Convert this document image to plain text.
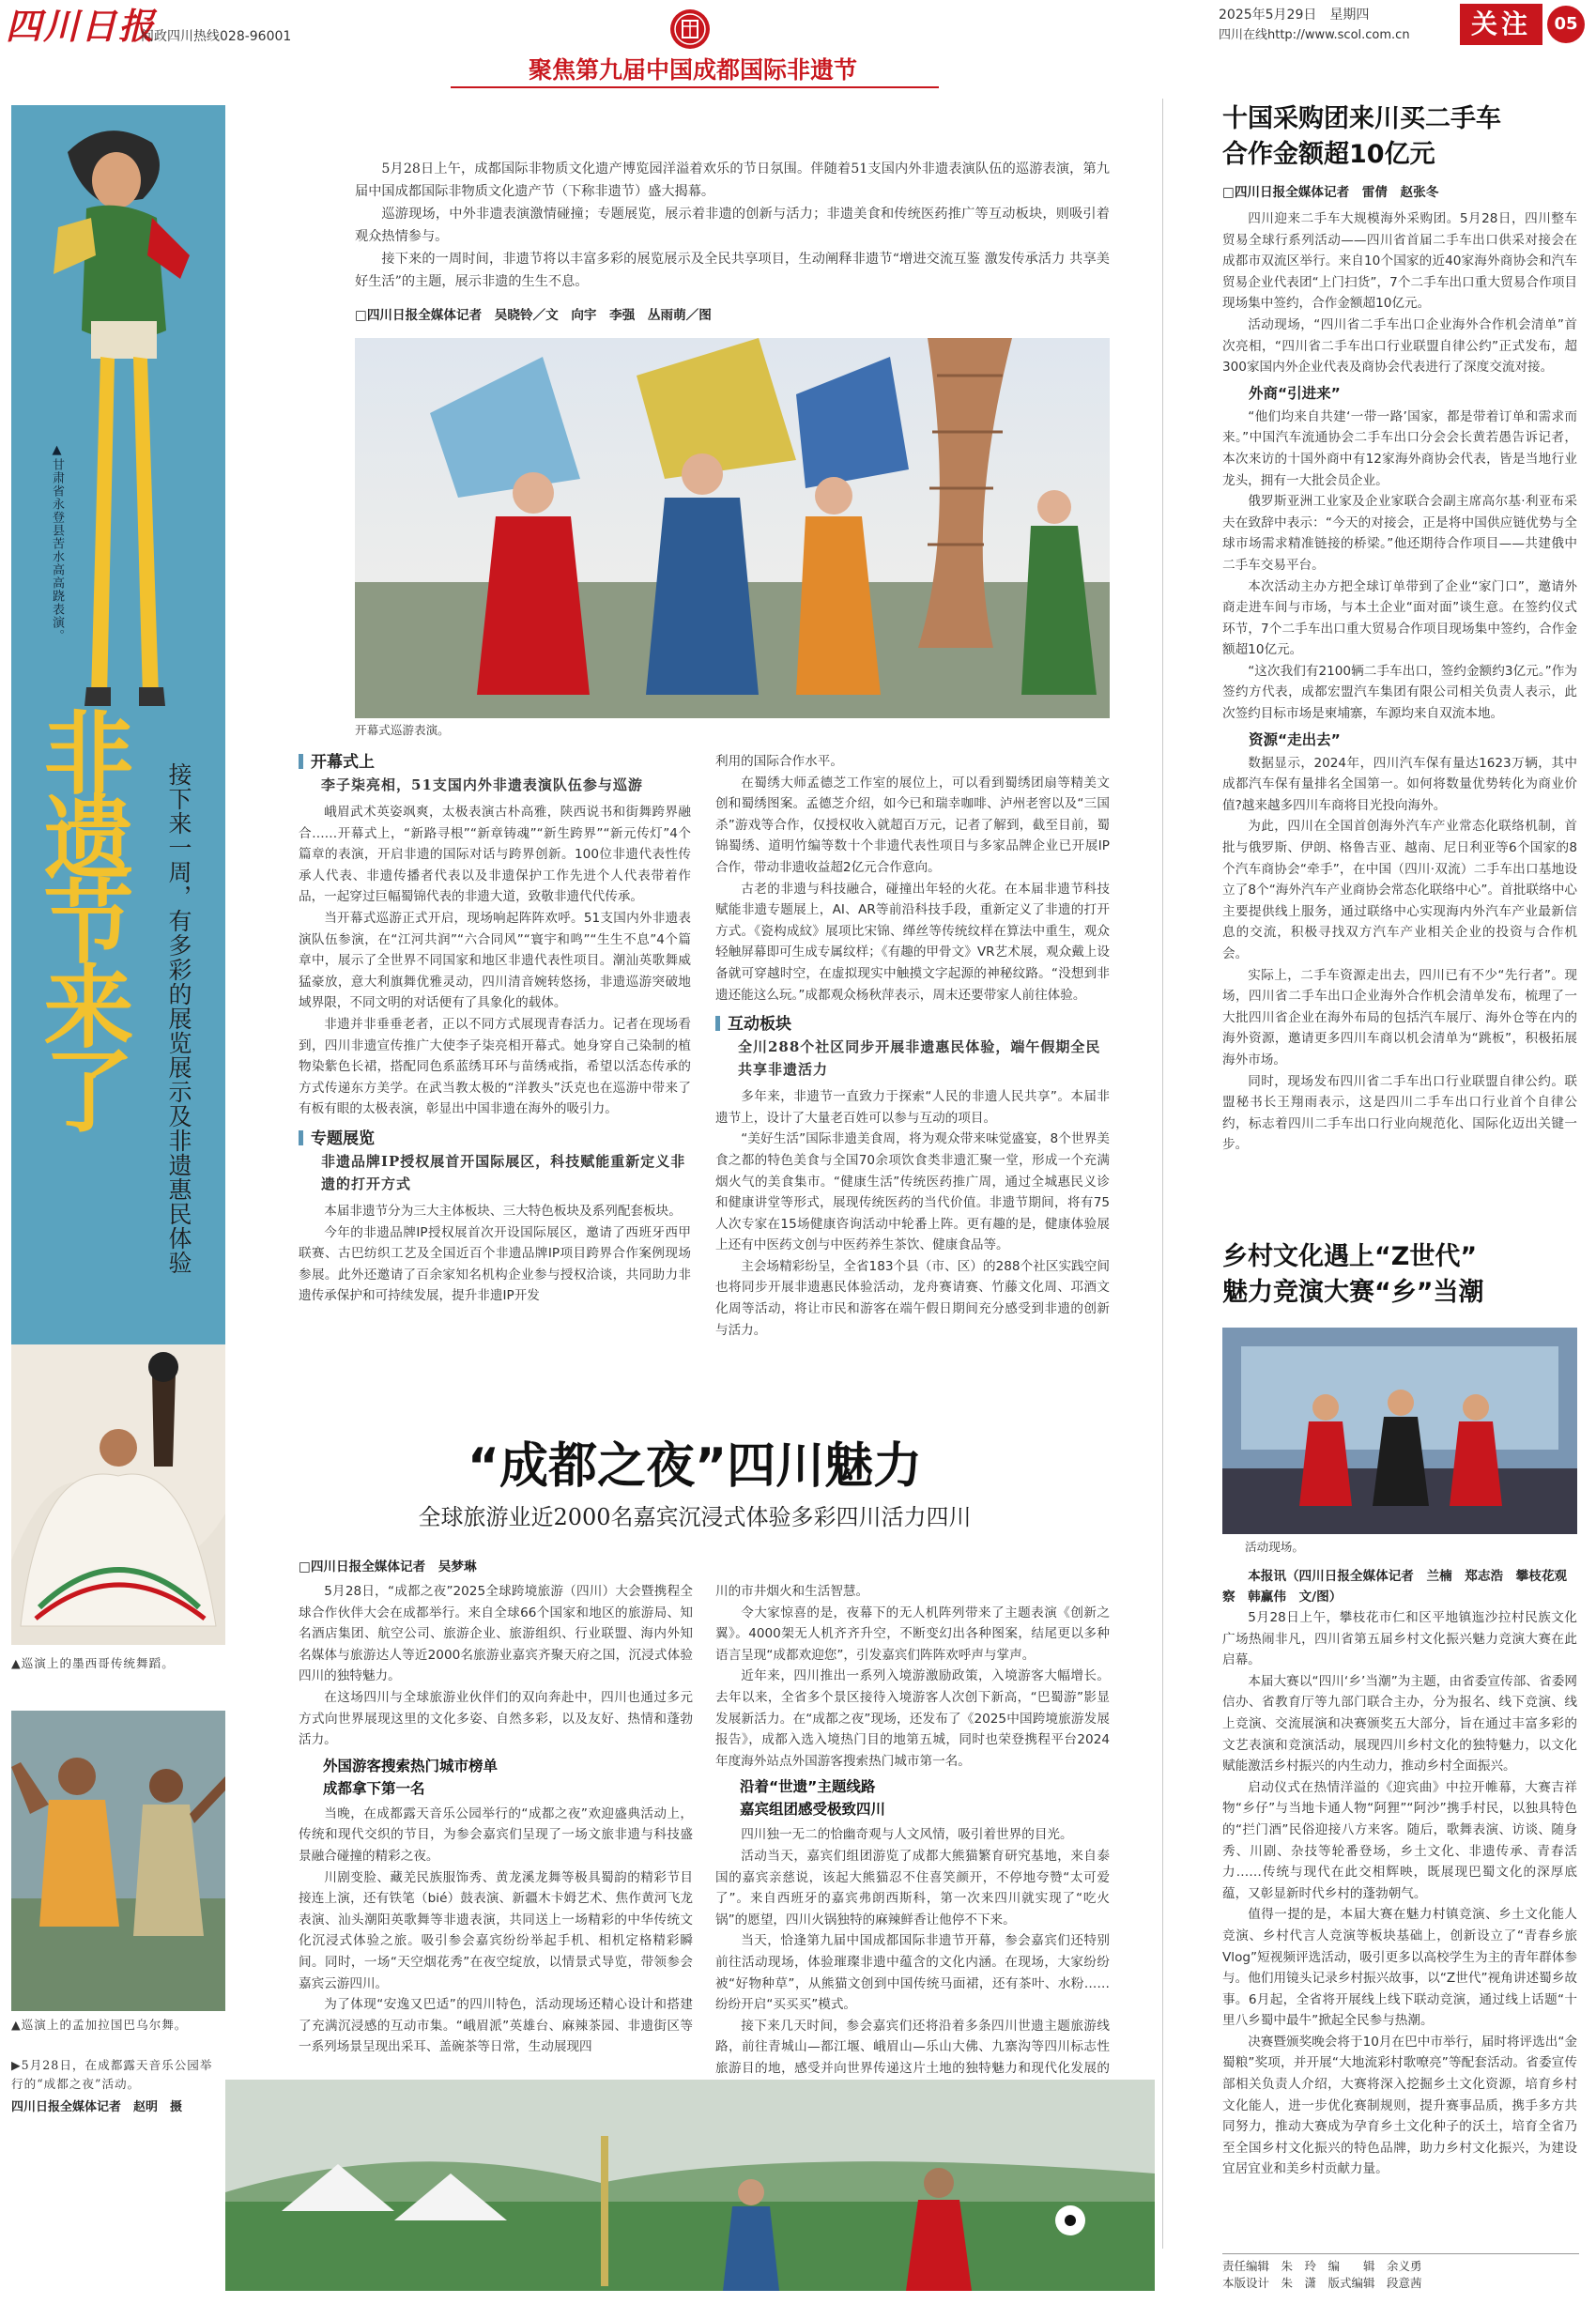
四川日报
问政四川热线028-96001
聚焦第九届中国成都国际非遗节
2025年5月29日　星期四
四川在线http://www.scol.com.cn	关注	05
▲甘肃省永登县苦水高高跷表演。
非遗节来了 接下来一周，有多彩的展览展示及非遗惠民体验
▲巡演上的墨西哥传统舞蹈。
▲巡演上的孟加拉国巴乌尔舞。
▶5月28日，在成都露天音乐公园举行的“成都之夜”活动。
四川日报全媒体记者　赵明　摄

5月28日上午，成都国际非物质文化遗产博览园洋溢着欢乐的节日氛围。伴随着51支国内外非遗表演队伍的巡游表演，第九届中国成都国际非物质文化遗产节（下称非遗节）盛大揭幕。

巡游现场，中外非遗表演激情碰撞；专题展览，展示着非遗的创新与活力；非遗美食和传统医药推广等互动板块，则吸引着观众热情参与。

接下来的一周时间，非遗节将以丰富多彩的展览展示及全民共享项目，生动阐释非遗节“增进交流互鉴 激发传承活力 共享美好生活”的主题，展示非遗的生生不息。

□四川日报全媒体记者　吴晓铃／文　向宇　李强　丛雨萌／图
开幕式巡游表演。
开幕式上
李子柒亮相，51支国内外非遗表演队伍参与巡游

峨眉武术英姿飒爽，太极表演古朴高雅，陕西说书和街舞跨界融合……开幕式上，“新路寻根”“新章铸魂”“新生跨界”“新元传灯”4个篇章的表演，开启非遗的国际对话与跨界创新。100位非遗代表性传承人代表、非遗传播者代表以及非遗保护工作先进个人代表带着作品，一起穿过巨幅蜀锦代表的非遗大道，致敬非遗代代传承。

当开幕式巡游正式开启，现场响起阵阵欢呼。51支国内外非遗表演队伍参演，在“江河共润”“六合同风”“寰宇和鸣”“生生不息”4个篇章中，展示了全世界不同国家和地区非遗代表性项目。潮汕英歌舞威猛豪放，意大利旗舞优雅灵动，四川清音婉转悠扬，非遗巡游突破地域界限，不同文明的对话便有了具象化的载体。

非遗并非垂垂老者，正以不同方式展现青春活力。记者在现场看到，四川非遗宣传推广大使李子柒亮相开幕式。她身穿自己染制的植物染紫色长裙，搭配同色系蓝绣耳环与苗绣戒指，希望以活态传承的方式传递东方美学。在武当教太极的“洋教头”沃克也在巡游中带来了有板有眼的太极表演，彰显出中国非遗在海外的吸引力。

专题展览
非遗品牌IP授权展首开国际展区，科技赋能重新定义非遗的打开方式

本届非遗节分为三大主体板块、三大特色板块及系列配套板块。

今年的非遗品牌IP授权展首次开设国际展区，邀请了西班牙西甲联赛、古巴纺织工艺及全国近百个非遗品牌IP项目跨界合作案例现场参展。此外还邀请了百余家知名机构企业参与授权洽谈，共同助力非遗传承保护和可持续发展，提升非遗IP开发

利用的国际合作水平。

在蜀绣大师孟德芝工作室的展位上，可以看到蜀绣团扇等精美文创和蜀绣图案。孟德芝介绍，如今已和瑞幸咖啡、泸州老窖以及“三国杀”游戏等合作，仅授权收入就超百万元，记者了解到，截至目前，蜀锦蜀绣、道明竹编等数十个非遗代表性项目与多家品牌企业已开展IP合作，带动非遗收益超2亿元合作意向。

古老的非遗与科技融合，碰撞出年轻的火花。在本届非遗节科技赋能非遗专题展上，AI、AR等前沿科技手段，重新定义了非遗的打开方式。《瓷构成紋》展项比宋锦、缂丝等传统纹样在算法中重生，观众轻触屏幕即可生成专属纹样；《有趣的甲骨文》VR艺术展，观众戴上设备就可穿越时空，在虚拟现实中触摸文字起源的神秘纹路。“没想到非遗还能这么玩。”成都观众杨秋萍表示，周末还要带家人前往体验。

互动板块
全川288个社区同步开展非遗惠民体验，端午假期全民共享非遗活力

多年来，非遗节一直致力于探索“人民的非遗人民共享”。本届非遗节上，设计了大量老百姓可以参与互动的项目。

“美好生活”国际非遗美食周，将为观众带来味觉盛宴，8个世界美食之都的特色美食与全国70余项饮食类非遗汇聚一堂，形成一个充满烟火气的美食集市。“健康生活”传统医药推广周，通过全城惠民义诊和健康讲堂等形式，展现传统医药的当代价值。非遗节期间，将有75人次专家在15场健康咨询活动中轮番上阵。更有趣的是，健康体验展上还有中医药文创与中医药养生茶饮、健康食品等。

主会场精彩纷呈，全省183个县（市、区）的288个社区实践空间也将同步开展非遗惠民体验活动，龙舟赛请赛、竹藤文化周、邛酒文化周等活动，将让市民和游客在端午假日期间充分感受到非遗的创新与活力。

十国采购团来川买二手车
合作金额超10亿元
□四川日报全媒体记者　雷倩　赵张冬

四川迎来二手车大规模海外采购团。5月28日，四川整车贸易全球行系列活动——四川省首届二手车出口供采对接会在成都市双流区举行。来自10个国家的近40家海外商协会和汽车贸易企业代表团“上门扫货”，7个二手车出口重大贸易合作项目现场集中签约，合作金额超10亿元。

活动现场，“四川省二手车出口企业海外合作机会清单”首次亮相，“四川省二手车出口行业联盟自律公约”正式发布，超300家国内外企业代表及商协会代表进行了深度交流对接。

外商“引进来”

“他们均来自共建‘一带一路’国家，都是带着订单和需求而来。”中国汽车流通协会二手车出口分会会长黄若愚告诉记者，本次来访的十国外商中有12家海外商协会代表，皆是当地行业龙头，拥有一大批会员企业。

俄罗斯亚洲工业家及企业家联合会副主席高尔基·利亚布采夫在致辞中表示：“今天的对接会，正是将中国供应链优势与全球市场需求精准链接的桥梁。”他还期待合作项目——共建俄中二手车交易平台。

本次活动主办方把全球订单带到了企业“家门口”，邀请外商走进车间与市场，与本土企业“面对面”谈生意。在签约仪式环节，7个二手车出口重大贸易合作项目现场集中签约，合作金额超10亿元。

“这次我们有2100辆二手车出口，签约金额约3亿元。”作为签约方代表，成都宏盟汽车集团有限公司相关负责人表示，此次签约目标市场是柬埔寨，车源均来自双流本地。

资源“走出去”

数据显示，2024年，四川汽车保有量达1623万辆，其中成都汽车保有量排名全国第一。如何将数量优势转化为商业价值?越来越多四川车商将目光投向海外。

为此，四川在全国首创海外汽车产业常态化联络机制，首批与俄罗斯、伊朗、格鲁吉亚、越南、尼日利亚等6个国家的8个汽车商协会“牵手”，在中国（四川·双流）二手车出口基地设立了8个“海外汽车产业商协会常态化联络中心”。首批联络中心主要提供线上服务，通过联络中心实现海内外汽车产业最新信息的交流，积极寻找双方汽车产业相关企业的投资与合作机会。

实际上，二手车资源走出去，四川已有不少“先行者”。现场，四川省二手车出口企业海外合作机会清单发布，梳理了一大批四川省企业在海外布局的包括汽车展厅、海外仓等在内的海外资源，邀请更多四川车商以机会清单为“跳板”，积极拓展海外市场。

同时，现场发布四川省二手车出口行业联盟自律公约。联盟秘书长王翔雨表示，这是四川二手车出口行业首个自律公约，标志着四川二手车出口行业向规范化、国际化迈出关键一步。

乡村文化遇上“Z世代”
魅力竞演大赛“乡”当潮
活动现场。
本报讯（四川日报全媒体记者　兰楠　郑志浩　攀枝花观察　韩赢伟　文/图）

5月28日上午，攀枝花市仁和区平地镇迤沙拉村民族文化广场热闹非凡，四川省第五届乡村文化振兴魅力竞演大赛在此启幕。

本届大赛以“四川‘乡’当潮”为主题，由省委宣传部、省委网信办、省教育厅等九部门联合主办，分为报名、线下竞演、线上竞演、交流展演和决赛颁奖五大部分，旨在通过丰富多彩的文艺表演和竞演活动，展现四川乡村文化的独特魅力，以文化赋能激活乡村振兴的内生动力，推动乡村全面振兴。

启动仪式在热情洋溢的《迎宾曲》中拉开帷幕，大赛吉祥物“乡仔”与当地卡通人物“阿狸”“阿沙”携手村民，以独具特色的“拦门酒”民俗迎接八方来客。随后，歌舞表演、访谈、随身秀、川剧、杂技等轮番登场，乡土文化、非遗传承、青春活力……传统与现代在此交相辉映，既展现巴蜀文化的深厚底蕴，又彰显新时代乡村的蓬勃朝气。

值得一提的是，本届大赛在魅力村镇竞演、乡土文化能人竞演、乡村代言人竞演等板块基础上，创新设立了“青春乡旅Vlog”短视频评选活动，吸引更多以高校学生为主的青年群体参与。他们用镜头记录乡村振兴故事，以“Z世代”视角讲述蜀乡故事。6月起，全省将开展线上线下联动竞演，通过线上话题“十里八乡蜀中最牛”掀起全民参与热潮。

决赛暨颁奖晚会将于10月在巴中市举行，届时将评选出“金蜀粮”奖项，并开展“大地流彩村歌嘹亮”等配套活动。省委宣传部相关负责人介绍，大赛将深入挖掘乡土文化资源，培育乡村文化能人，进一步优化赛制规则，提升赛事品质，携手多方共同努力，推动大赛成为孕育乡土文化种子的沃土，培育全省乃至全国乡村文化振兴的特色品牌，助力乡村文化振兴，为建设宜居宜业和美乡村贡献力量。

“成都之夜”四川魅力
全球旅游业近2000名嘉宾沉浸式体验多彩四川活力四川
□四川日报全媒体记者　吴梦琳

5月28日，“成都之夜”2025全球跨境旅游（四川）大会暨携程全球合作伙伴大会在成都举行。来自全球66个国家和地区的旅游局、知名酒店集团、航空公司、旅游企业、旅游组织、行业联盟、海内外知名媒体与旅游达人等近2000名旅游业嘉宾齐聚天府之国，沉浸式体验四川的独特魅力。

在这场四川与全球旅游业伙伴们的双向奔赴中，四川也通过多元方式向世界展现这里的文化多姿、自然多彩，以及友好、热情和蓬勃活力。

外国游客搜索热门城市榜单
成都拿下第一名

当晚，在成都露天音乐公园举行的“成都之夜”欢迎盛典活动上，传统和现代交织的节目，为参会嘉宾们呈现了一场文旅非遗与科技盛景融合碰撞的精彩之夜。

川剧变脸、藏羌民族服饰秀、黄龙溪龙舞等极具蜀韵的精彩节目接连上演，还有铁笔（bié）鼓表演、新疆木卡姆艺术、焦作黄河飞龙表演、汕头潮阳英歌舞等非遗表演，共同送上一场精彩的中华传统文化沉浸式体验之旅。吸引参会嘉宾纷纷举起手机、相机定格精彩瞬间。同时，一场“天空烟花秀”在夜空绽放，以情景式导览，带领参会嘉宾云游四川。

为了体现“安逸又巴适”的四川特色，活动现场还精心设计和搭建了充满沉浸感的互动市集。“峨眉派”英雄台、麻辣茶园、非遗街区等一系列场景呈现出采耳、盖碗茶等日常，生动展现四

川的市井烟火和生活智慧。

令大家惊喜的是，夜幕下的无人机阵列带来了主题表演《创新之翼》。4000架无人机齐齐升空，不断变幻出各种图案，结尾更以多种语言呈现“成都欢迎您”，引发嘉宾们阵阵欢呼声与掌声。

近年来，四川推出一系列入境游激励政策，入境游客大幅增长。去年以来，全省多个景区接待入境游客人次创下新高，“巴蜀游”影显发展新活力。在“成都之夜”现场，还发布了《2025中国跨境旅游发展报告》，成都入选入境热门目的地第五城，同时也荣登携程平台2024年度海外站点外国游客搜索热门城市第一名。

沿着“世遗”主题线路
嘉宾组团感受极致四川

四川独一无二的恰幽奇观与人文风情，吸引着世界的目光。

活动当天，嘉宾们组团游览了成都大熊猫繁育研究基地，来自泰国的嘉宾亲慈说，该起大熊猫忍不住喜笑颜开，不停地夸赞“太可爱了”。来自西班牙的嘉宾弗朗西斯科，第一次来四川就实现了“吃火锅”的愿望，四川火锅独特的麻辣鲜香让他停不下来。

当天，恰逢第九届中国成都国际非遗节开幕，参会嘉宾们还特别前往活动现场，体验璀璨非遗中蕴含的文化内涵。在现场，大家纷纷被“好物种草”，从熊猫文创到中国传统马面裙，还有茶叶、水粉……纷纷开启“买买买”模式。

接下来几天时间，参会嘉宾们还将沿着多条四川世遗主题旅游线路，前往青城山—都江堰、峨眉山—乐山大佛、九寨沟等四川标志性旅游目的地，感受并向世界传递这片土地的独特魅力和现代化发展的

责任编辑　朱　玲　编　　辑　余义勇
本版设计　朱　潇　版式编辑　段意茜
